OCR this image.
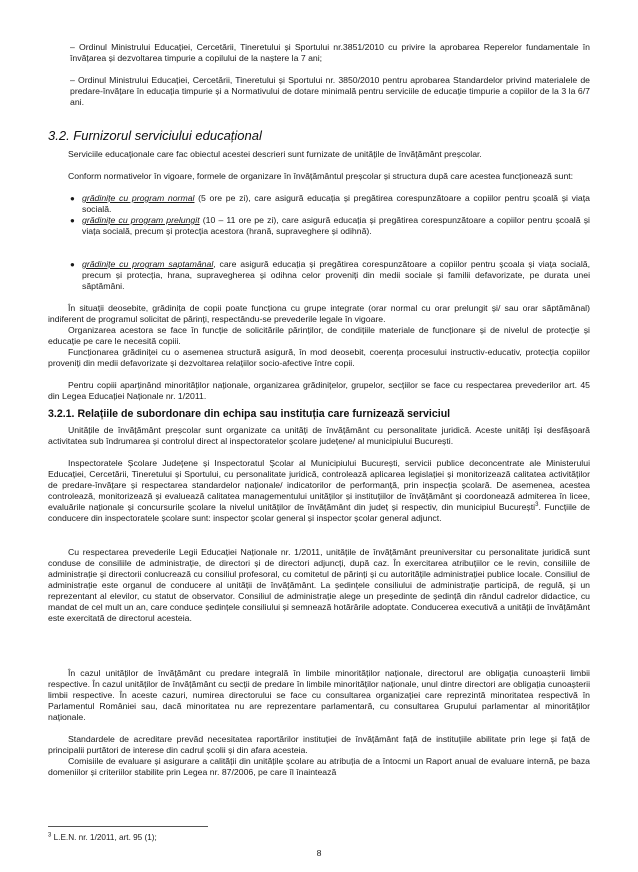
– Ordinul Ministrului Educației, Cercetării, Tineretului și Sportului nr.3851/2010 cu privire la aprobarea Reperelor fundamentale în învățarea și dezvoltarea timpurie a copilului de la naștere la 7 ani;
– Ordinul Ministrului Educației, Cercetării, Tineretului și Sportului nr. 3850/2010 pentru aprobarea Standardelor privind materialele de predare-învățare în educația timpurie și a Normativului de dotare minimală pentru serviciile de educație timpurie a copiilor de la 3 la 6/7 ani.
3.2. Furnizorul serviciului educațional

Serviciile educaționale care fac obiectul acestei descrieri sunt furnizate de unitățile de învățământ preșcolar.

Conform normativelor în vigoare, formele de organizare în învățământul preșcolar și structura după care acestea funcționează sunt:

● grădinițe cu program normal (5 ore pe zi), care asigură educația și pregătirea corespunzătoare a copiilor pentru școală și viața socială.
● grădinițe cu program prelungit (10 – 11 ore pe zi), care asigură educația și pregătirea corespunzătoare a copiilor pentru școală și viața socială, precum și protecția acestora (hrană, supraveghere și odihnă).
● grădinițe cu program saptamânal, care asigură educația și pregătirea corespunzătoare a copiilor pentru școala și viața socială, precum și protecția, hrana, supravegherea și odihna celor proveniți din medii sociale și familii defavorizate, pe durata unei săptămâni.

În situații deosebite, grădinița de copii poate funcționa cu grupe integrate (orar normal cu orar prelungit și/ sau orar săptămânal) indiferent de programul solicitat de părinți, respectându-se prevederile legale în vigoare.

Organizarea acestora se face în funcție de solicitările părinților, de condițiile materiale de funcționare și de nivelul de protecție și educație pe care le necesită copiii.

Funcționarea grădiniței cu o asemenea structură asigură, în mod deosebit, coerența procesului instructiv-educativ, protecția copiilor proveniți din medii defavorizate și dezvoltarea relațiilor socio-afective între copii.

Pentru copiii aparținând minorităților naționale, organizarea grădinițelor, grupelor, secțiilor se face cu respectarea prevederilor art. 45 din Legea Educației Naționale nr. 1/2011.

3.2.1. Relațiile de subordonare din echipa sau instituția care furnizează serviciul

Unitățile de învățământ preșcolar sunt organizate ca unități de învățământ cu personalitate juridică. Aceste unități își desfășoară activitatea sub îndrumarea și controlul direct al inspectoratelor școlare județene/ al municipiului București.

Inspectoratele Școlare Județene și Inspectoratul Școlar al Municipiului București, servicii publice deconcentrate ale Ministerului Educației, Cercetării, Tineretului și Sportului, cu personalitate juridică, controlează aplicarea legislației și monitorizează calitatea activităților de predare-învățare și respectarea standardelor naționale/ indicatorilor de performanță, prin inspecția școlară. De asemenea, acestea controlează, monitorizează și evaluează calitatea managementului unităților și instituțiilor de învățământ și coordonează admiterea în licee, evaluările naționale și concursurile școlare la nivelul unităților de învățământ din județ și respectiv, din municipiul București$^3$. Funcțiile de conducere din inspectoratele școlare sunt: inspector școlar general și inspector școlar general adjunct.

Cu respectarea prevederile Legii Educației Naționale nr. 1/2011, unitățile de învățământ preuniversitar cu personalitate juridică sunt conduse de consiliile de administrație, de directori și de directori adjuncți, după caz. În exercitarea atribuțiilor ce le revin, consiliile de administrație și directorii conlucrează cu consiliul profesoral, cu comitetul de părinți și cu autoritățile administrației publice locale. Consiliul de administrație este organul de conducere al unității de învățământ. La ședințele consiliului de administrație participă, de regulă, și un reprezentant al elevilor, cu statut de observator. Consiliul de administrație alege un președinte de ședință din rândul cadrelor didactice, cu mandat de cel mult un an, care conduce ședințele consiliului și semnează hotărârile adoptate. Conducerea executivă a unității de învățământ este exercitată de directorul acesteia.

În cazul unităților de învățământ cu predare integrală în limbile minorităților naționale, directorul are obligația cunoașterii limbii respective. În cazul unităților de învățământ cu secții de predare în limbile minorităților naționale, unul dintre directori are obligația cunoașterii limbii respective. În aceste cazuri, numirea directorului se face cu consultarea organizației care reprezintă minoritatea respectivă în Parlamentul României sau, dacă minoritatea nu are reprezentare parlamentară, cu consultarea Grupului parlamentar al minorităților naționale.

Standardele de acreditare prevăd necesitatea raportărilor instituției de învățământ față de instituțiile abilitate prin lege și față de principalii purtători de interese din cadrul școlii și din afara acesteia.

Comisiile de evaluare și asigurare a calității din unitățile școlare au atribuția de a întocmi un Raport anual de evaluare internă, pe baza domeniilor și criteriilor stabilite prin Legea nr. 87/2006, pe care îl înaintează

$^3$ L.E.N. nr. 1/2011, art. 95 (1);
8
